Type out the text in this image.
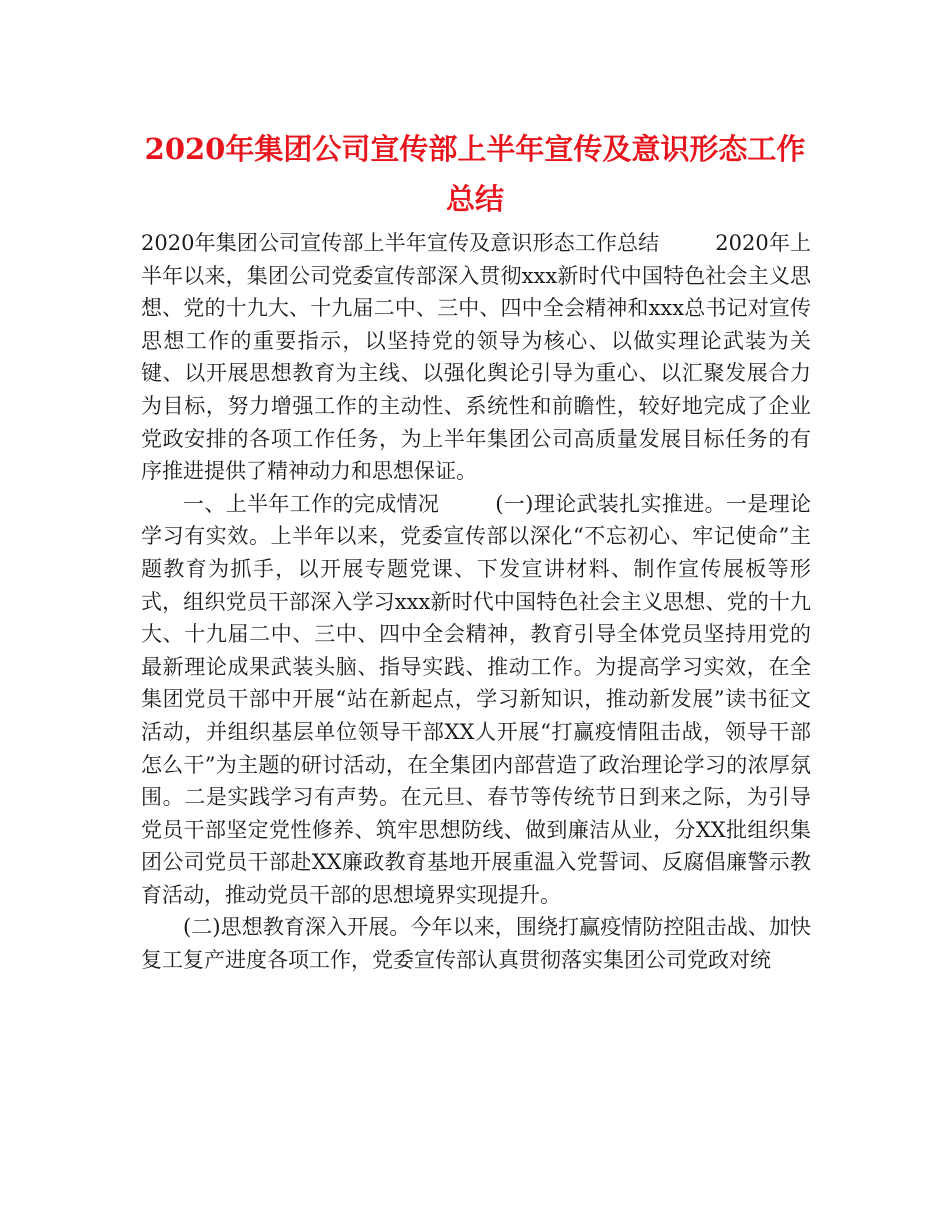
2020年集团公司宣传部上半年宣传及意识形态工作总结

2020年集团公司宣传部上半年宣传及意识形态工作总结	2020年上半年以来，集团公司党委宣传部深入贯彻xxx新时代中国特色社会主义思想、党的十九大、十九届二中、三中、四中全会精神和xxx总书记对宣传思想工作的重要指示，以坚持党的领导为核心、以做实理论武装为关键、以开展思想教育为主线、以强化舆论引导为重心、以汇聚发展合力为目标，努力增强工作的主动性、系统性和前瞻性，较好地完成了企业党政安排的各项工作任务，为上半年集团公司高质量发展目标任务的有序推进提供了精神动力和思想保证。

一、上半年工作的完成情况	(一)理论武装扎实推进。一是理论学习有实效。上半年以来，党委宣传部以深化“不忘初心、牢记使命”主题教育为抓手，以开展专题党课、下发宣讲材料、制作宣传展板等形式，组织党员干部深入学习xxx新时代中国特色社会主义思想、党的十九大、十九届二中、三中、四中全会精神，教育引导全体党员坚持用党的最新理论成果武装头脑、指导实践、推动工作。为提高学习实效，在全集团党员干部中开展“站在新起点，学习新知识，推动新发展”读书征文活动，并组织基层单位领导干部XX人开展“打赢疫情阻击战，领导干部怎么干”为主题的研讨活动，在全集团内部营造了政治理论学习的浓厚氛围。二是实践学习有声势。在元旦、春节等传统节日到来之际，为引导党员干部坚定党性修养、筑牢思想防线、做到廉洁从业，分XX批组织集团公司党员干部赴XX廉政教育基地开展重温入党誓词、反腐倡廉警示教育活动，推动党员干部的思想境界实现提升。

(二)思想教育深入开展。今年以来，围绕打赢疫情防控阻击战、加快复工复产进度各项工作，党委宣传部认真贯彻落实集团公司党政对统
